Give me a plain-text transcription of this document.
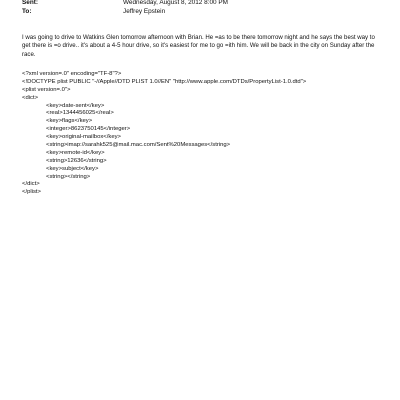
Sent:	Wednesday, August 8, 2012 8:00 PM
To:	Jeffrey Epstein

I was going to drive to Watkins Glen tomorrow afternoon with Brian. He =as to be there tomorrow night and he says the best way to get there is =o drive.. it's about a 4-5 hour drive, so it's easiest for me to go =ith him. We will be back in the city on Sunday after the race.

<?xml version=.0" encoding="TF-8"?>
<!DOCTYPE plist PUBLIC "-//Apple//DTD PLIST 1.0//EN" "http://www.apple.com/DTDs/PropertyList-1.0.dtd">
<plist version=.0">
<dict>
<key>date-sent</key>
<real>1344456025</real>
<key>flags</key>
<integer>8623750145</integer>
<key>original-mailbox</key>
<string>imap://sarahk525@mail.mac.com/Sent%20Messages</string>
<key>remote-id</key>
<string>12636</string>
<key>subject</key>
<string></string>
</dict>
</plist>
